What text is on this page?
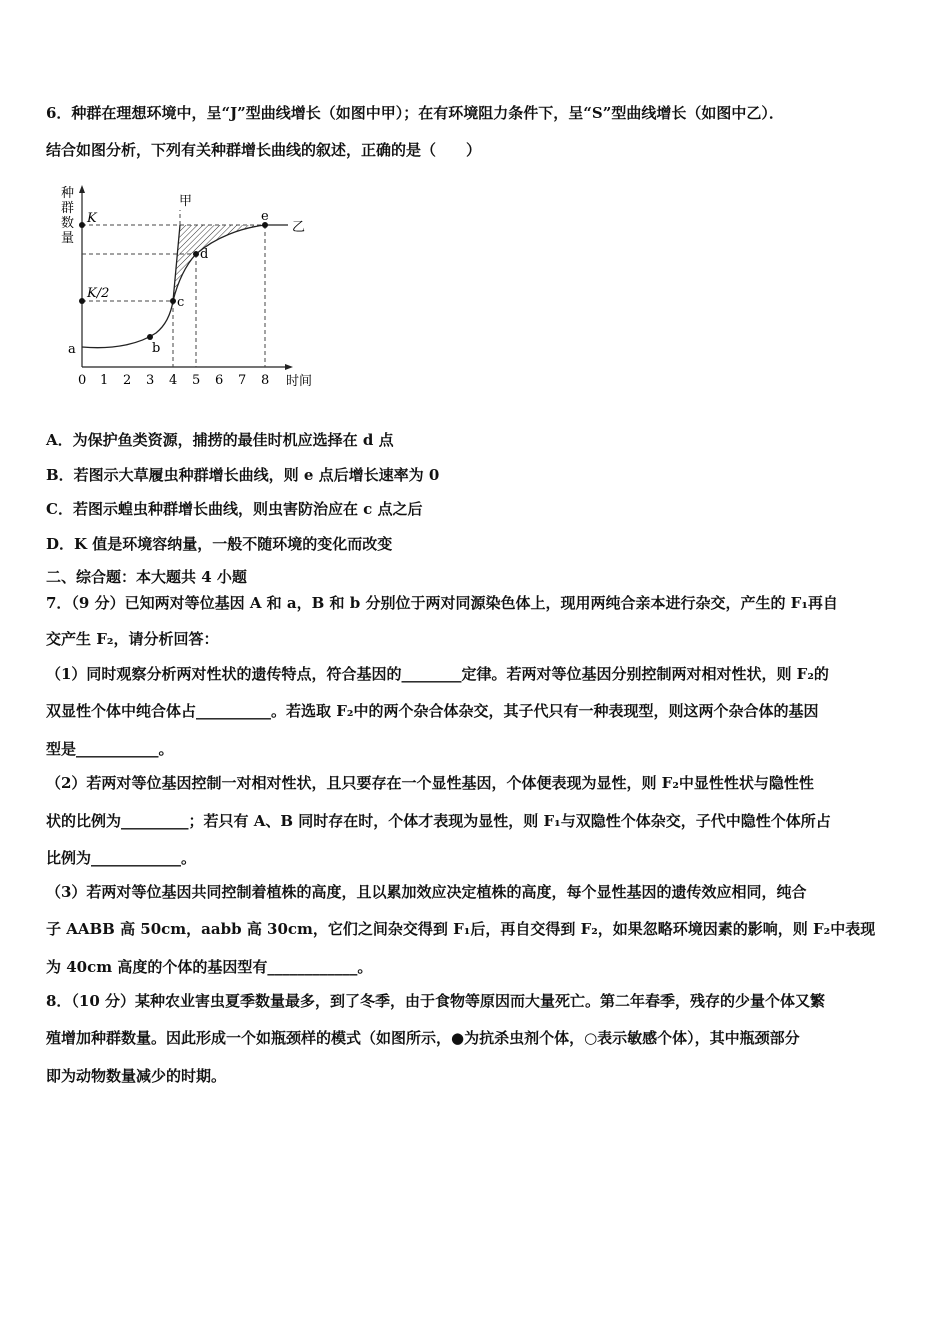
6．种群在理想环境中，呈“J”型曲线增长（如图中甲）；在有环境阻力条件下，呈“S”型曲线增长（如图中乙）．
结合如图分析，下列有关种群增长曲线的叙述，正确的是（　　）
种
群
数
量
K
K/2
a	b
c
d
e
甲
乙
0 1 2 3 4 5 6 7 8 时间
A．为保护鱼类资源，捕捞的最佳时机应选择在 d 点
B．若图示大草履虫种群增长曲线，则 e 点后增长速率为 0
C．若图示蝗虫种群增长曲线，则虫害防治应在 c 点之后
D．K 值是环境容纳量，一般不随环境的变化而改变
二、综合题：本大题共 4 小题
7．（9 分）已知两对等位基因 A 和 a，B 和 b 分别位于两对同源染色体上，现用两纯合亲本进行杂交，产生的 F₁再自
交产生 F₂，请分析回答：
（1）同时观察分析两对性状的遗传特点，符合基因的________定律。若两对等位基因分别控制两对相对性状，则 F₂的
双显性个体中纯合体占__________。若选取 F₂中的两个杂合体杂交，其子代只有一种表现型，则这两个杂合体的基因
型是___________。
（2）若两对等位基因控制一对相对性状，且只要存在一个显性基因，个体便表现为显性，则 F₂中显性性状与隐性性
状的比例为_________；若只有 A、B 同时存在时，个体才表现为显性，则 F₁与双隐性个体杂交，子代中隐性个体所占
比例为____________。
（3）若两对等位基因共同控制着植株的高度，且以累加效应决定植株的高度，每个显性基因的遗传效应相同，纯合
子 AABB 高 50cm，aabb 高 30cm，它们之间杂交得到 F₁后，再自交得到 F₂，如果忽略环境因素的影响，则 F₂中表现
为 40cm 高度的个体的基因型有____________。
8．（10 分）某种农业害虫夏季数量最多，到了冬季，由于食物等原因而大量死亡。第二年春季，残存的少量个体又繁
殖增加种群数量。因此形成一个如瓶颈样的模式（如图所示，●为抗杀虫剂个体，○表示敏感个体），其中瓶颈部分
即为动物数量减少的时期。
